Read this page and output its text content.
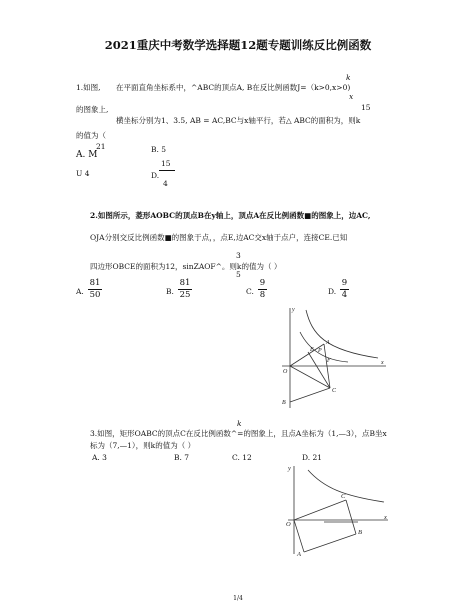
2021重庆中考数学选择题12题专题训练反比例函数
1.如图, 在平面直角坐标系中，^ABC的顶点A, B在反比例函数J=（k>0,x>0)
k
x
的图象上,	15
横坐标分别为1、3.5, AB = AC,BC与x轴平行，若△ ABC的面积为，则k
的值为（
21
A. M
B. 5
U 4
15
D.
4
2.如图所示，菱形AOBC的顶点B在y轴上，顶点A在反比例函数■的图象上，边AC,
OJA分别交反比例函数■的图象于点，，点E,边AC交x轴于点户，连接CE.已知
3
5
四边形OBCE的面积为12，sinZAOF^。则k的值为（ ）
A.
81
50	B.
81
25	C.
9
8	D.
9
4
y
x
O
B
C
E
F
A
P
k
3.如图，矩形OABC的顶点C在反比例函数^=的图象上，且点A坐标为（1,—3），点B坐x
标为（7,—1），则k的值为（ ）
A. 3	B. 7	C. 12	D. 21
y
x
O
A
B
C
1/4
